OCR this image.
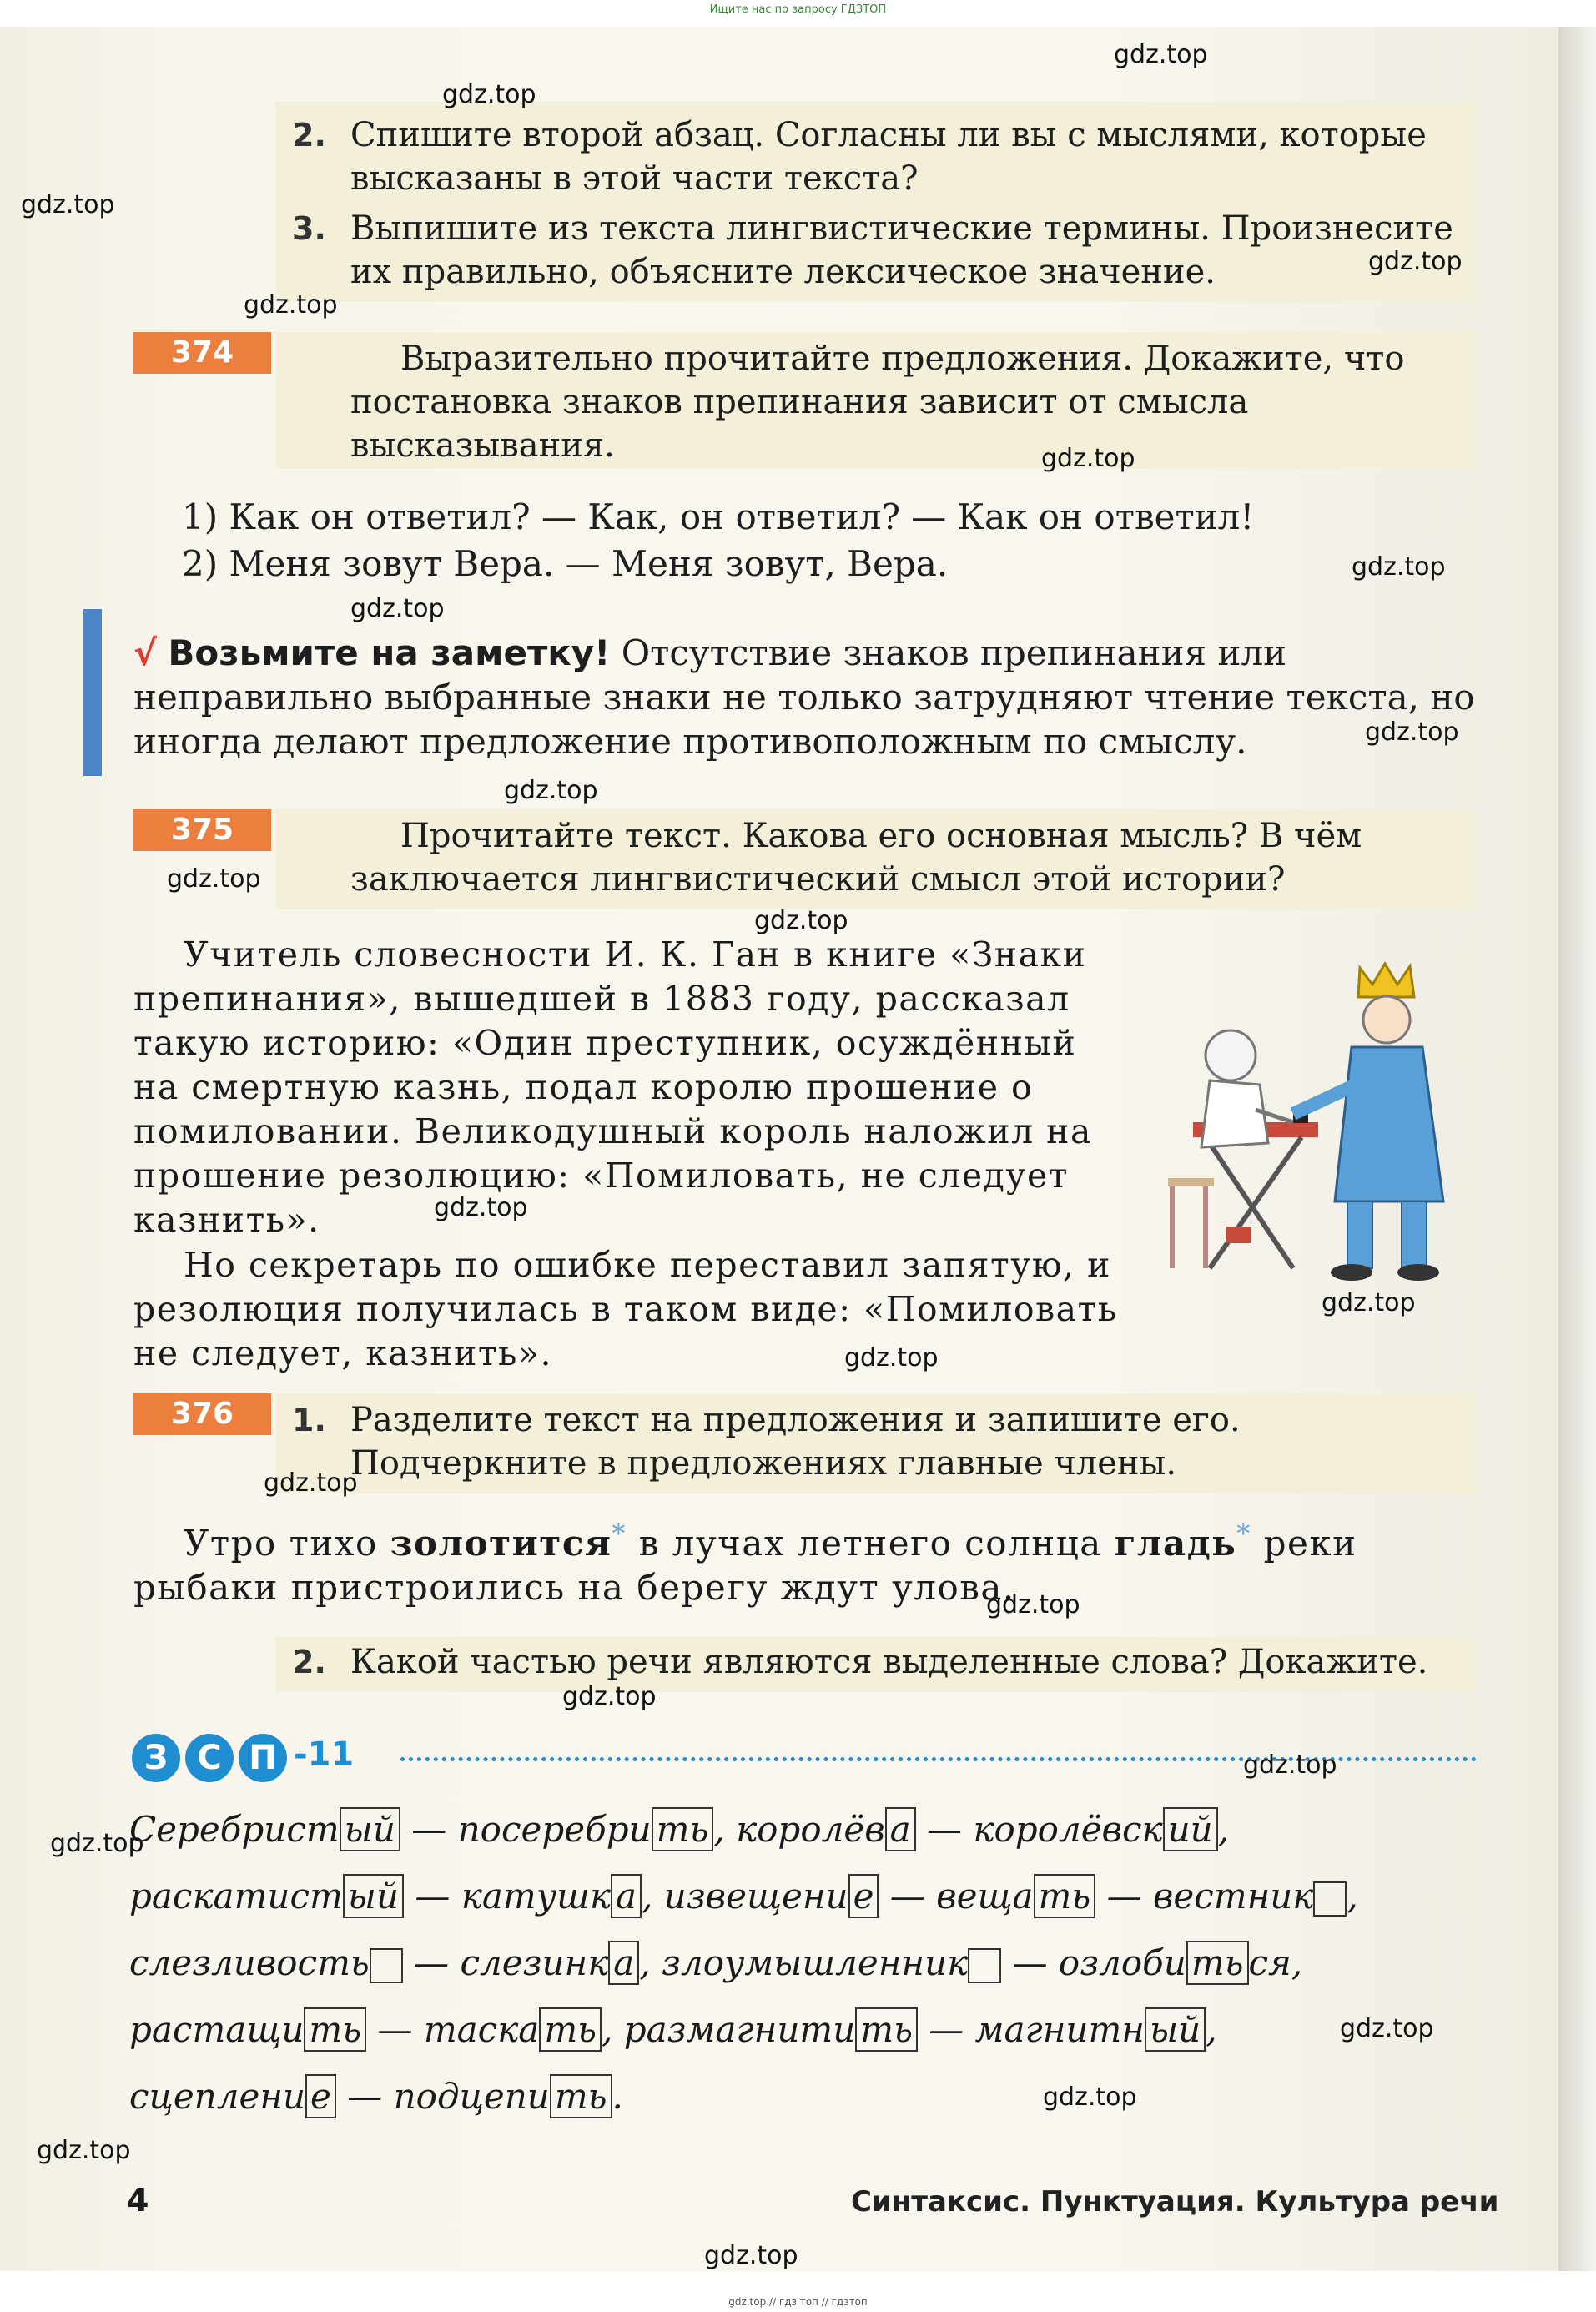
Ищите нас по запросу ГДЗТОП
2. Спишите второй абзац. Согласны ли вы с мыслями, которые высказаны в этой части текста?
3. Выпишите из текста лингвистические термины. Произнесите их правильно, объясните лексическое значение.
374	Выразительно прочитайте предложения. Докажите, что постановка знаков препинания зависит от смысла высказывания.
1) Как он ответил? — Как, он ответил? — Как он ответил!
2) Меня зовут Вера. — Меня зовут, Вера.
√ Возьмите на заметку! Отсутствие знаков препинания или неправильно выбранные знаки не только затрудняют чтение текста, но иногда делают предложение противоположным по смыслу.
375	Прочитайте текст. Какова его основная мысль? В чём заключается лингвистический смысл этой истории?
Учитель словесности И. К. Ган в книге «Знаки препинания», вышедшей в 1883 году, рассказал такую историю: «Один преступник, осуждённый на смертную казнь, подал королю прошение о помиловании. Великодушный король наложил на прошение резолюцию: «Помиловать, не следует казнить».
Но секретарь по ошибке переставил запятую, и резолюция получилась в таком виде: «Помиловать не следует, казнить».
376	1. Разделите текст на предложения и запишите его. Подчеркните в предложениях главные члены.
Утро тихо золотится* в лучах летнего солнца гладь* реки рыбаки пристроились на берегу ждут улова.
2. Какой частью речи являются выделенные слова? Докажите.
З С П -11
Серебрист ый — посеребри ть , королёв а — королёвск ий ,
раскатист ый — катушк а , извещени е — веща ть — вестник ,
слезливость — слезинк а , злоумышленник — озлоби ть ся,
растащи ть — таска ть , размагнити ть — магнитн ый ,
сцеплени е — подцепи ть .
4	Синтаксис. Пунктуация. Культура речи
gdz.top
gdz.top
gdz.top
gdz.top
gdz.top
gdz.top
gdz.top
gdz.top
gdz.top
gdz.top
gdz.top
gdz.top
gdz.top
gdz.top
gdz.top
gdz.top
gdz.top
gdz.top
gdz.top
gdz.top
gdz.top
gdz.top
gdz.top
gdz.top
gdz.top // гдз топ // гдзтоп
